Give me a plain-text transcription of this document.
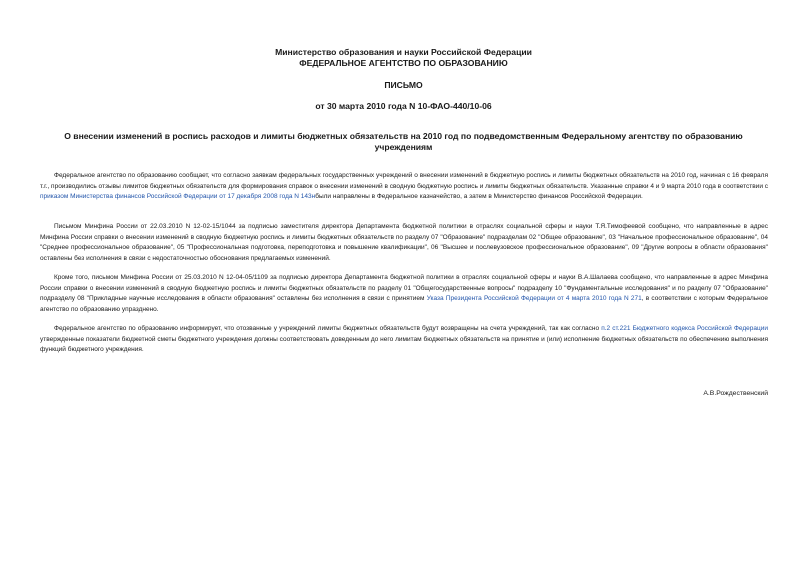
Министерство образования и науки Российской Федерации
ФЕДЕРАЛЬНОЕ АГЕНТСТВО ПО ОБРАЗОВАНИЮ
ПИСЬМО
от 30 марта 2010 года N 10-ФАО-440/10-06
О внесении изменений в роспись расходов и лимиты бюджетных обязательств на 2010 год по подведомственным Федеральному агентству по образованию учреждениям

Федеральное агентство по образованию сообщает, что согласно заявкам федеральных государственных учреждений о внесении изменений в бюджетную роспись и лимиты бюджетных обязательств на 2010 год, начиная с 16 февраля т.г., производились отзывы лимитов бюджетных обязательств для формирования справок о внесении изменений в сводную бюджетную роспись и лимиты бюджетных обязательств. Указанные справки 4 и 9 марта 2010 года в соответствии с приказом Министерства финансов Российской Федерации от 17 декабря 2008 года N 143нбыли направлены в Федеральное казначейство, а затем в Министерство финансов Российской Федерации.

Письмом Минфина России от 22.03.2010 N 12-02-15/1044 за подписью заместителя директора Департамента бюджетной политики в отраслях социальной сферы и науки Т.Я.Тимофеевой сообщено, что направленные в адрес Минфина России справки о внесении изменений в сводную бюджетную роспись и лимиты бюджетных обязательств по разделу 07 "Образование" подразделам 02 "Общее образование", 03 "Начальное профессиональное образование", 04 "Среднее профессиональное образование", 05 "Профессиональная подготовка, переподготовка и повышение квалификации", 06 "Высшее и послевузовское профессиональное образование", 09 "Другие вопросы в области образования" оставлены без исполнения в связи с недостаточностью обоснования предлагаемых изменений.

Кроме того, письмом Минфина России от 25.03.2010 N 12-04-05/1109 за подписью директора Департамента бюджетной политики в отраслях социальной сферы и науки В.А.Шалаева сообщено, что направленные в адрес Минфина России справки о внесении изменений в сводную бюджетную роспись и лимиты бюджетных обязательств по разделу 01 "Общегосударственные вопросы" подразделу 10 "Фундаментальные исследования" и по разделу 07 "Образование" подразделу 08 "Прикладные научные исследования в области образования" оставлены без исполнения в связи с принятием Указа Президента Российской Федерации от 4 марта 2010 года N 271, в соответствии с которым Федеральное агентство по образованию упразднено.

Федеральное агентство по образованию информирует, что отозванные у учреждений лимиты бюджетных обязательств будут возвращены на счета учреждений, так как согласно п.2 ст.221 Бюджетного кодекса Российской Федерации утвержденные показатели бюджетной сметы бюджетного учреждения должны соответствовать доведенным до него лимитам бюджетных обязательств на принятие и (или) исполнение бюджетных обязательств по обеспечению выполнения функций бюджетного учреждения.

А.В.Рождественский
